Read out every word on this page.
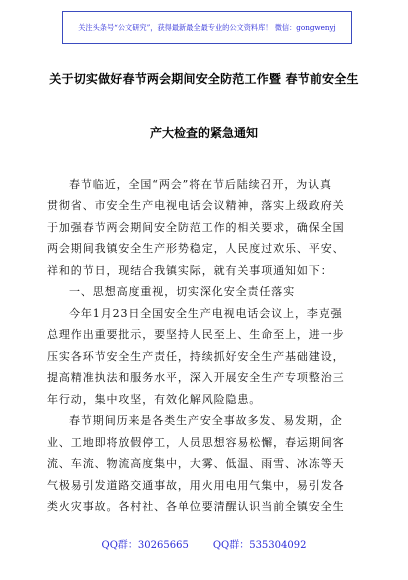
关注头条号“公文研究”，获得最新最全最专业的公文资料库！ 微信：gongwenyj
关于切实做好春节两会期间安全防范工作暨 春节前安全生
产大检查的紧急通知
春节临近，全国“两会”将在节后陆续召开，为认真
贯彻省、市安全生产电视电话会议精神，落实上级政府关
于加强春节两会期间安全防范工作的相关要求，确保全国
两会期间我镇安全生产形势稳定，人民度过欢乐、平安、
祥和的节日，现结合我镇实际，就有关事项通知如下：
一、思想高度重视，切实深化安全责任落实
今年1月23日全国安全生产电视电话会议上，李克强
总理作出重要批示，要坚持人民至上、生命至上，进一步
压实各环节安全生产责任，持续抓好安全生产基础建设，
提高精准执法和服务水平，深入开展安全生产专项整治三
年行动，集中攻坚，有效化解风险隐患。
春节期间历来是各类生产安全事故多发、易发期，企
业、工地即将放假停工，人员思想容易松懈，春运期间客
流、车流、物流高度集中，大雾、低温、雨雪、冰冻等天
气极易引发道路交通事故，用火用电用气集中，易引发各
类火灾事故。各村社、各单位要清醒认识当前全镇安全生
QQ群：30265665 QQ群：535304092
